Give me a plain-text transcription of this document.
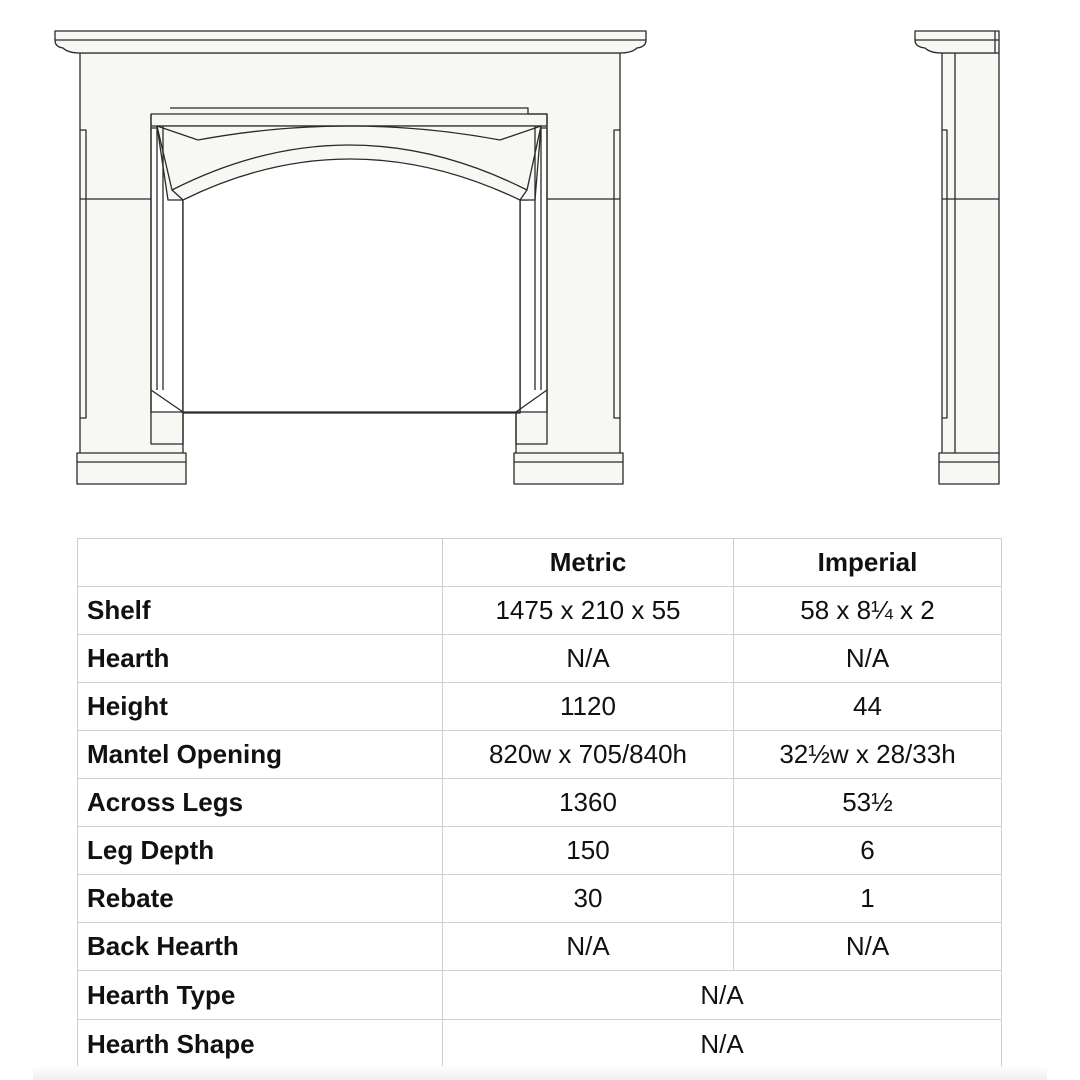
	Metric	Imperial
Shelf	1475 x 210 x 55	58 x 8¼ x 2
Hearth	N/A	N/A
Height	1120	44
Mantel Opening	820w x 705/840h	32½w x 28/33h
Across Legs	1360	53½
Leg Depth	150	6
Rebate	30	1
Back Hearth	N/A	N/A
Hearth Type	N/A	
Hearth Shape	N/A	
